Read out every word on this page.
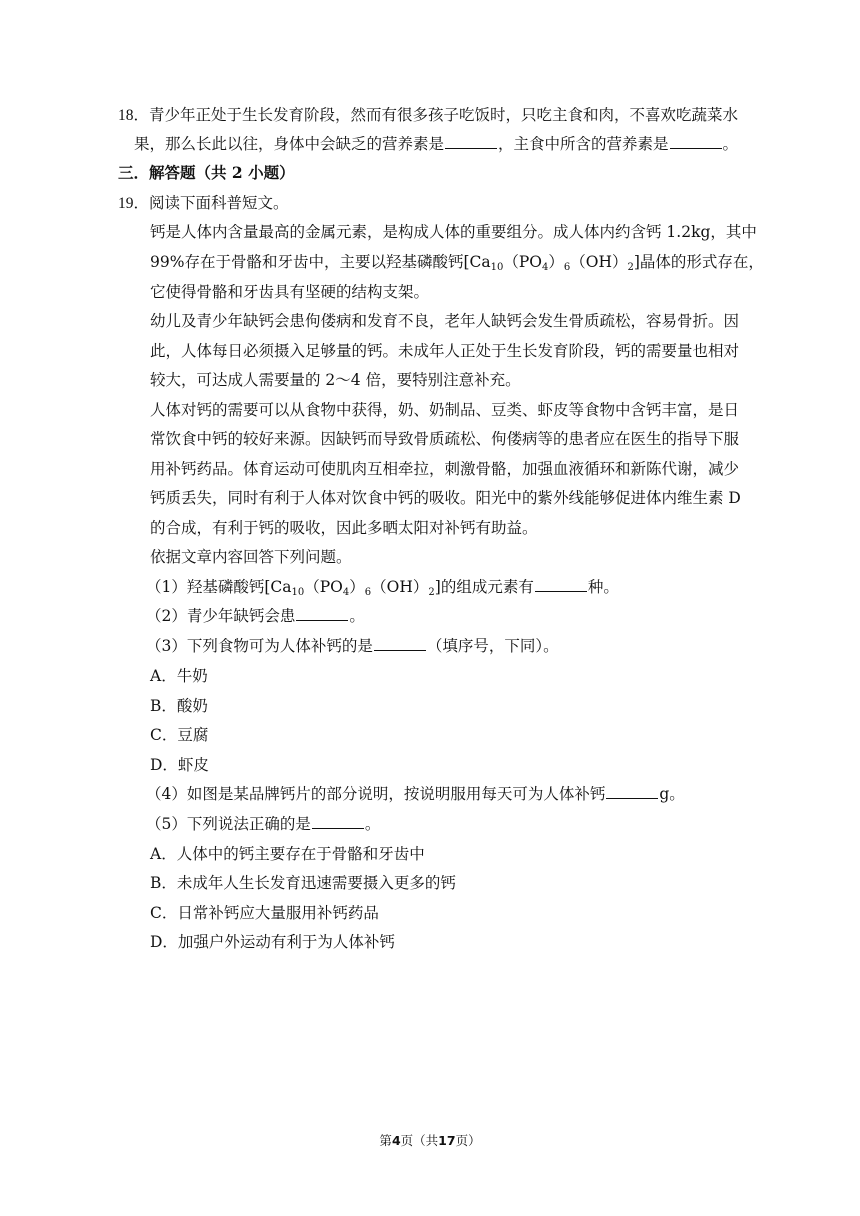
18．青少年正处于生长发育阶段，然而有很多孩子吃饭时，只吃主食和肉，不喜欢吃蔬菜水
果，那么长此以往，身体中会缺乏的营养素是	，主食中所含的营养素是	。
三．解答题（共 2 小题）
19．阅读下面科普短文。
钙是人体内含量最高的金属元素，是构成人体的重要组分。成人体内约含钙 1.2kg，其中
99%存在于骨骼和牙齿中，主要以羟基磷酸钙$[Ca_{10}(PO_4)_6(OH)_2]$晶体的形式存在，
它使得骨骼和牙齿具有坚硬的结构支架。
幼儿及青少年缺钙会患佝偻病和发育不良，老年人缺钙会发生骨质疏松，容易骨折。因
此，人体每日必须摄入足够量的钙。未成年人正处于生长发育阶段，钙的需要量也相对
较大，可达成人需要量的 2～4 倍，要特别注意补充。
人体对钙的需要可以从食物中获得，奶、奶制品、豆类、虾皮等食物中含钙丰富，是日
常饮食中钙的较好来源。因缺钙而导致骨质疏松、佝偻病等的患者应在医生的指导下服
用补钙药品。体育运动可使肌肉互相牵拉，刺激骨骼，加强血液循环和新陈代谢，减少
钙质丢失，同时有利于人体对饮食中钙的吸收。阳光中的紫外线能够促进体内维生素 D
的合成，有利于钙的吸收，因此多晒太阳对补钙有助益。
依据文章内容回答下列问题。
（1）羟基磷酸钙$[Ca_{10}(PO_4)_6(OH)_2]$的组成元素有	种。
（2）青少年缺钙会患	。
（3）下列食物可为人体补钙的是	（填序号，下同）。
A．牛奶
B．酸奶
C．豆腐
D．虾皮
（4）如图是某品牌钙片的部分说明，按说明服用每天可为人体补钙	g。
（5）下列说法正确的是	。
A．人体中的钙主要存在于骨骼和牙齿中
B．未成年人生长发育迅速需要摄入更多的钙
C．日常补钙应大量服用补钙药品
D．加强户外运动有利于为人体补钙
第4页（共17页）
